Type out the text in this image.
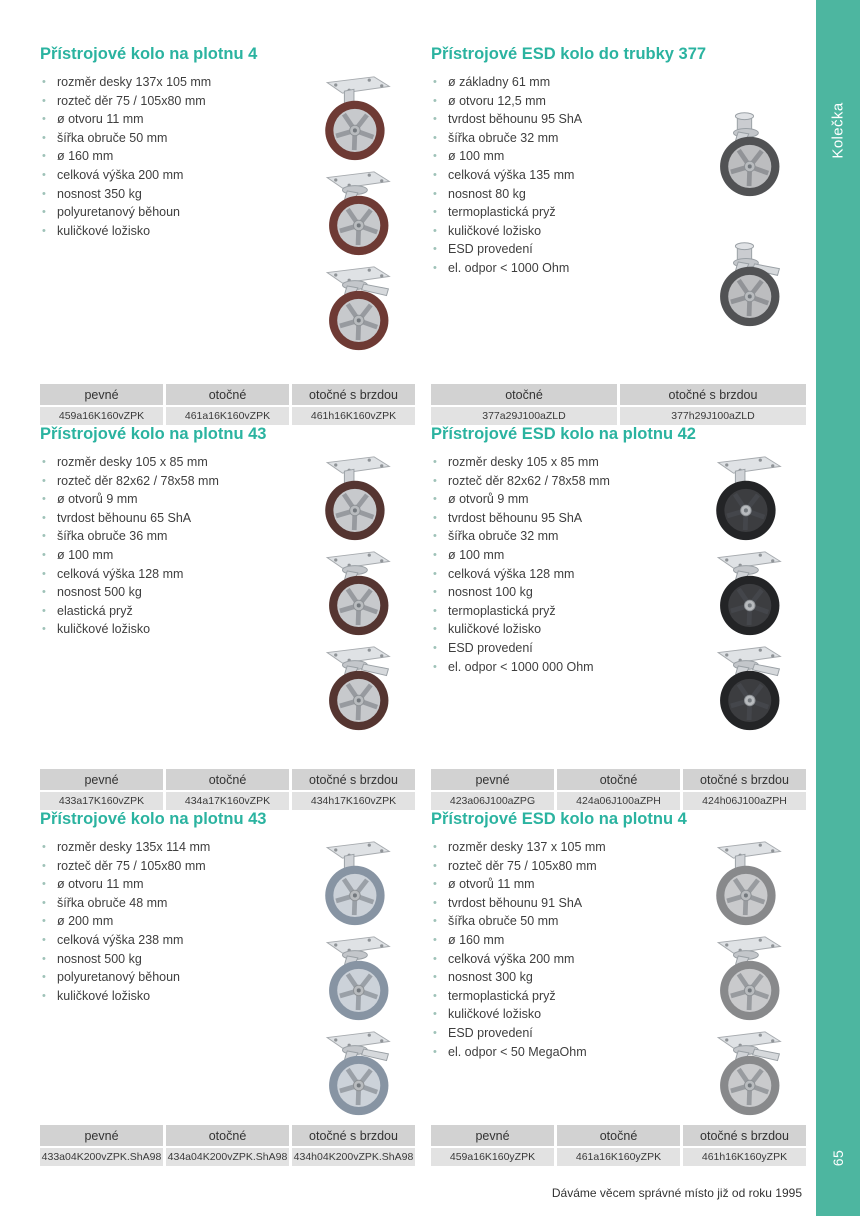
Přístrojové kolo na plotnu 4
• rozměr desky 137x 105 mm
• rozteč děr 75 / 105x80 mm
• ø otvoru 11 mm
• šířka obruče 50 mm
• ø 160 mm
• celková výška 200 mm
• nosnost 350 kg
• polyuretanový běhoun
• kuličkové ložisko
pevné	otočné	otočné s brzdou
459a16K160vZPK	461a16K160vZPK	461h16K160vZPK
Přístrojové ESD kolo do trubky 377
• ø základny 61 mm
• ø otvoru 12,5 mm
• tvrdost běhounu 95 ShA
• šířka obruče 32 mm
• ø 100 mm
• celková výška 135 mm
• nosnost 80 kg
• termoplastická pryž
• kuličkové ložisko
• ESD provedení
• el. odpor < 1000 Ohm
otočné	otočné s brzdou
377a29J100aZLD	377h29J100aZLD
Přístrojové kolo na plotnu 43
• rozměr desky 105 x 85 mm
• rozteč děr 82x62 / 78x58 mm
• ø otvorů 9 mm
• tvrdost běhounu 65 ShA
• šířka obruče 36 mm
• ø 100 mm
• celková výška 128 mm
• nosnost 500 kg
• elastická pryž
• kuličkové ložisko
pevné	otočné	otočné s brzdou
433a17K160vZPK	434a17K160vZPK	434h17K160vZPK
Přístrojové ESD kolo na plotnu 42
• rozměr desky 105 x 85 mm
• rozteč děr 82x62 / 78x58 mm
• ø otvorů 9 mm
• tvrdost běhounu 95 ShA
• šířka obruče 32 mm
• ø 100 mm
• celková výška 128 mm
• nosnost 100 kg
• termoplastická pryž
• kuličkové ložisko
• ESD provedení
• el. odpor < 1000 000 Ohm
pevné	otočné	otočné s brzdou
423a06J100aZPG	424a06J100aZPH	424h06J100aZPH
Přístrojové kolo na plotnu 43
• rozměr desky 135x 114 mm
• rozteč děr 75 / 105x80 mm
• ø otvoru 11 mm
• šířka obruče 48 mm
• ø 200 mm
• celková výška 238 mm
• nosnost 500 kg
• polyuretanový běhoun
• kuličkové ložisko
pevné	otočné	otočné s brzdou
433a04K200vZPK.ShA98 434a04K200vZPK.ShA98 434h04K200vZPK.ShA98
Přístrojové ESD kolo na plotnu 4
• rozměr desky 137 x 105 mm
• rozteč děr 75 / 105x80 mm
• ø otvorů 11 mm
• tvrdost běhounu 91 ShA
• šířka obruče 50 mm
• ø 160 mm
• celková výška 200 mm
• nosnost 300 kg
• termoplastická pryž
• kuličkové ložisko
• ESD provedení
• el. odpor < 50 MegaOhm
pevné	otočné	otočné s brzdou
459a16K160yZPK	461a16K160yZPK	461h16K160yZPK
Kolečka
65
Dáváme věcem správné místo již od roku 1995
